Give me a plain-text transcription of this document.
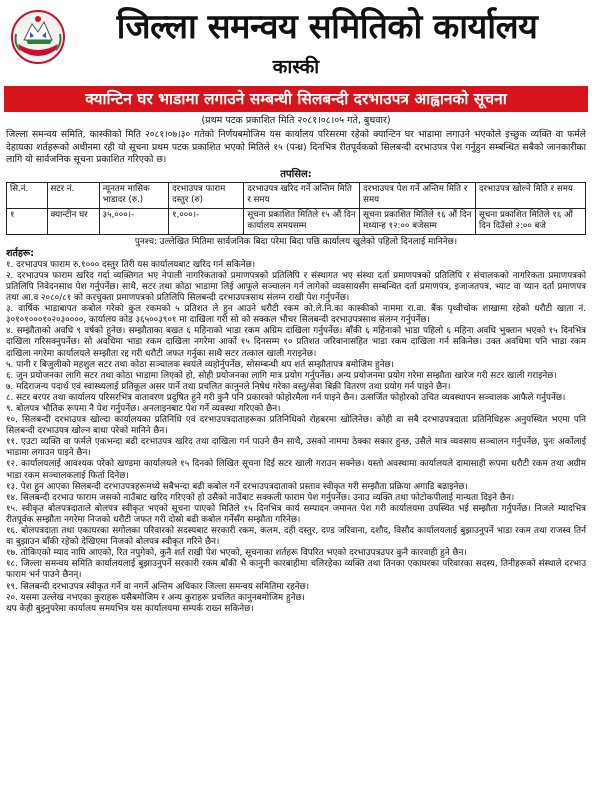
जिल्ला समन्वय समितिको कार्यालय
कास्की
क्यान्टिन घर भाडामा लगाउने सम्बन्धी सिलबन्दी दरभाउपत्र आह्वानको सूचना
(प्रथम पटक प्रकाशित मिति २०८१।०८।०५ गते, बुधवार)

जिल्ला समन्वय समिति, कास्कीको मिति २०८१।०७।३० गतेको निर्णयबमोजिम यस कार्यालय परिसरमा रहेको क्यान्टिन घर भाडामा लगाउने भएकोले इच्छुक व्यक्ति वा फर्मले देहायका शर्तहरूको अधीनमा रही यो सूचना प्रथम पटक प्रकाशित भएको मितिले १५ (पन्ध्र) दिनभित्र रीतपूर्वकको सिलबन्दी दरभाउपत्र पेश गर्नुहुन सम्बन्धित सबैको जानकारीका लागि यो सार्वजनिक सूचना प्रकाशित गरिएको छ।

तपसिल:
सि.नं.	सटर नं.	न्यूनतम मासिक भाडादर (रु.)	दरभाउपत्र फाराम दस्तुर (रु)	दरभाउपत्र खरिद गर्ने अन्तिम मिति र समय	दरभाउपत्र पेश गर्ने अन्तिम मिति र समय	दरभाउपत्र खोल्ने मिति र समय
१	क्यान्टीन घर	३५,०००।-	१,०००।-	सूचना प्रकाशित मितिले १५ औं दिन कार्यालय समयसम्म	सूचना प्रकाशित मितिले १६ औं दिन मध्यान्ह १२:०० बजेसम्म	सूचना प्रकाशित मितिले १६ औं दिन दिउँसो २:०० बजे
पुनश्च: उल्लेखित मितिमा सार्वजनिक बिदा परेमा बिदा पछि कार्यालय खुलेको पहिलो दिनलाई मानिनेछ।
शर्तहरू:
१. दरभाउपत्र फाराम रु.१००० दस्तुर तिरी यस कार्यालयबाट खरिद गर्न सकिनेछ।
२. दरभाउपत्र फाराम खरिद गर्दा व्यक्तिगत भए नेपाली नागरिकताको प्रमाणपत्रको प्रतिलिपि र संस्थागत भए संस्था दर्ता प्रमाणपत्रको प्रतिलिपि र संचालकको नागरिकता प्रमाणपत्रको प्रतिलिपि निवेदनसाथ पेश गर्नुपर्नेछ। साथै, सटर तथा कोठा भाडामा लिई आफूले सञ्चालन गर्न लागेको व्यवसायसँग सम्बन्धित दर्ता प्रमाणपत्र, इजाजतपत्र, भ्याट वा प्यान दर्ता प्रमाणपत्र तथा आ.व २०८०/८१ को करचुक्ता प्रमाणपत्रको प्रतिलिपि सिलबन्दी दरभाउपत्रसाथ संलग्न राखी पेश गर्नुपर्नेछ।
३. वार्षिक भाडाबापत कबोल गरेको कुल रकमको ५ प्रतिशत ले हुन आउने धरौटी रकम को.ले.नि.का कास्कीको नाममा रा.वा. बैंक पृथ्वीचोक शाखामा रहेको धरौटी खाता नं. ३०१०१०००१०२०३००००, कार्यालय कोड ३६५००३९०१ मा दाखिला गरी सो को सक्कल भौचर सिलबन्दी दरभाउपत्रसाथ संलग्न गर्नुपर्नेछ।
४. सम्झौताको अवधि ९ वर्षको हुनेछ। सम्झौताका बखत ६ महिनाको भाडा रकम अग्रिम दाखिला गर्नुपर्नेछ। बाँकी ६ महिनाको भाडा पहिलो ६ महिना अवधि भुक्तान भएको १५ दिनभित्र दाखिला गरिसक्नुपर्नेछ। सो अवधिमा भाडा रकम दाखिला नगरेमा आर्को १५ दिनसम्म १० प्रतिशत जरिवानासहित भाडा रकम दाखिला गर्न सकिनेछ। उक्त अवधिमा पनि भाडा रकम दाखिला नगरेमा कार्यालयले सम्झौता रद्द गरी धरौटी जफत गर्नुका साथै सटर तत्काल खाली गराइनेछ।
५. पानी र बिजुलीको महशुल सटर तथा कोठा सञ्चालक स्वयंले व्यहोर्नुपर्नेछ, सोसम्बन्धी थप शर्त सम्झौतापत्र बमोजिम हुनेछ।
६. जुन प्रयोजनका लागि सटर तथा कोठा भाडामा लिएको हो, सोही प्रयोजनका लागि मात्र प्रयोग गर्नुपर्नेछ। अन्य प्रयोजनमा प्रयोग गरेमा सम्झौता खारेज गरी सटर खाली गराइनेछ।
७. मदिराजन्य पदार्थ एवं स्वास्थ्यलाई प्रतिकूल असर पार्ने तथा प्रचलित कानुनले निषेध गरेका वस्तु/सेवा बिक्री वितरण तथा प्रयोग गर्न पाइने छैन।
८. सटर बरपर तथा कार्यालय परिसरभित्र वातावरण प्रदुषित हुने गरी कुनै पनि प्रकारको फोहोरमैला गर्न पाइने छैन। उत्सर्जित फोहोरको उचित व्यवस्थापन सञ्चालक आफैले गर्नुपर्नेछ।
९. बोलपत्र भौतिक रूपमा नै पेश गर्नुपर्नेछ। अनलाइनबाट पेश गर्ने व्यवस्था गरिएको छैन।
१०. सिलबन्दी दरभाउपत्र खोल्दा कार्यालयका प्रतिनिधि एवं दरभाउपत्रदाताहरूका प्रतिनिधिको रोहबरमा खोलिनेछ। कोही वा सबै दरभाउपत्रदाता प्रतिनिधिहरू अनुपस्थित भएमा पनि सिलबन्दी दरभाउपत्र खोल्न बाधा परेको मानिने छैन।
११. एउटा व्यक्ति वा फर्मले एकभन्दा बढी दरभाउपत्र खरिद तथा दाखिला गर्न पाउने छैन साथै, उसको नाममा ठेक्का सकार हुन्छ, उसैले मात्र व्यवसाय सञ्चालन गर्नुपर्नेछ, पुनः अर्कोलाई भाडामा लगाउन पाइने छैन।
१२. कार्यालयलाई आवश्यक परेको खण्डमा कार्यालयले १५ दिनको लिखित सूचना दिई सटर खाली गराउन सक्नेछ। यस्तो अवस्थामा कार्यालयले दामासाही रूपमा धरौटी रकम तथा अग्रीम भाडा रकम सञ्चालकलाई फिर्ता दिनेछ।
१३. पेश हुन आएका सिलबन्दी दरभाउपत्रहरूमध्ये सबैभन्दा बढी कबोल गर्ने दरभाउपत्रदाताको प्रस्ताव स्वीकृत गरी सम्झौता प्रक्रिया अगाडि बढाइनेछ।
१४. सिलबन्दी दरभाउ फाराम जसको नाउँबाट खरिद गरिएको हो उसैको नाउँबाट सक्कली फाराम पेश गर्नुपर्नेछ। उनाउ व्यक्ति तथा फोटोकपीलाई मान्यता दिइने छैन।
१५. स्वीकृत बोलपत्रदाताले बोलपत्र स्वीकृत भएको सूचना पाएको मितिले १५ दिनभित्र कार्य सम्पादन जमानत पेश गरी कार्यालयमा उपस्थित भई सम्झौता गर्नुपर्नेछ। निजले म्यादभित्र रीतपूर्वक सम्झौता नगरेमा निजको धरौटी जफत गरी दोस्रो बढी कबोल गर्नेसँग सम्झौता गरिनेछ।
१६. बोलपत्रदाता तथा एकाघरका सगोलका परिवारको सदस्यबाट सरकारी रकम, कलम, दही दस्तुर, दण्ड जरिवाना, दशौद, विसौद कार्यालयलाई बुझाउनुपर्ने भाडा रकम तथा राजस्व तिर्न वा बुझाउन बाँकी रहेको देखिएमा निजको बोलपत्र स्वीकृत गरिने छैन।
१७. तोकिएको म्याद नाघि आएको, रित नपुगेको, कुनै शर्त राखी पेश भएको, सूचनाका शर्तहरू विपरित भएको दरभाउपत्रउपर कुनै कारवाही हुने छैन।
१८. जिल्ला समन्वय समिति कार्यालयलाई बुझाउनुपर्ने सरकारी रकम बाँकी भै कानुनी कारबाहीमा चलिरहेका व्यक्ति तथा तिनका एकाघरका परिवारका सदस्य, तिनीहरूको संस्थाले दरभाउ फाराम भर्न पाउने छैनन्।
१९. सिलबन्दी दरभाउपत्र स्वीकृत गर्ने वा नगर्ने अन्तिम अधिकार जिल्ला समन्वय समितिमा रहनेछ।
२०. यसमा उल्लेख नभएका कुराहरू यसैबमोजिम र अन्य कुराहरू प्रचलित कानुनबमोजिम हुनेछ।
थप केही बुझ्नुपरेमा कार्यालय समयभित्र यस कार्यालयमा सम्पर्क राख्न सकिनेछ।
